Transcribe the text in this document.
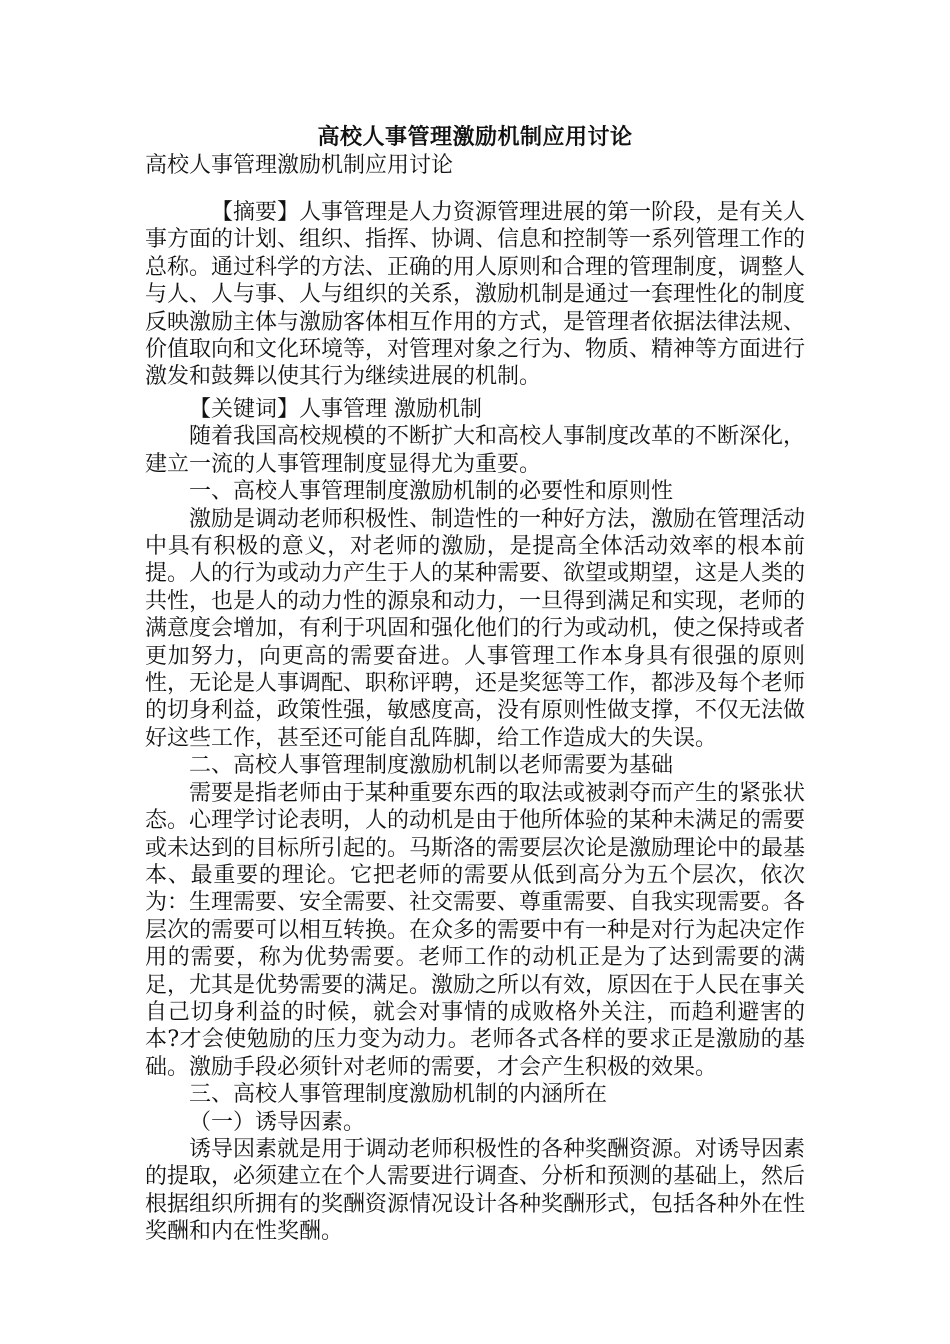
高校人事管理激励机制应用讨论
高校人事管理激励机制应用讨论

【摘要】人事管理是人力资源管理进展的第一阶段，是有关人事方面的计划、组织、指挥、协调、信息和控制等一系列管理工作的总称。通过科学的方法、正确的用人原则和合理的管理制度，调整人与人、人与事、人与组织的关系，激励机制是通过一套理性化的制度反映激励主体与激励客体相互作用的方式，是管理者依据法律法规、价值取向和文化环境等，对管理对象之行为、物质、精神等方面进行激发和鼓舞以使其行为继续进展的机制。

【关键词】人事管理 激励机制

随着我国高校规模的不断扩大和高校人事制度改革的不断深化，建立一流的人事管理制度显得尤为重要。

一、高校人事管理制度激励机制的必要性和原则性

激励是调动老师积极性、制造性的一种好方法，激励在管理活动中具有积极的意义，对老师的激励，是提高全体活动效率的根本前提。人的行为或动力产生于人的某种需要、欲望或期望，这是人类的共性，也是人的动力性的源泉和动力，一旦得到满足和实现，老师的满意度会增加，有利于巩固和强化他们的行为或动机，使之保持或者更加努力，向更高的需要奋进。人事管理工作本身具有很强的原则性，无论是人事调配、职称评聘，还是奖惩等工作，都涉及每个老师的切身利益，政策性强，敏感度高，没有原则性做支撑，不仅无法做好这些工作，甚至还可能自乱阵脚，给工作造成大的失误。

二、高校人事管理制度激励机制以老师需要为基础

需要是指老师由于某种重要东西的取法或被剥夺而产生的紧张状态。心理学讨论表明，人的动机是由于他所体验的某种未满足的需要或未达到的目标所引起的。马斯洛的需要层次论是激励理论中的最基本、最重要的理论。它把老师的需要从低到高分为五个层次，依次为：生理需要、安全需要、社交需要、尊重需要、自我实现需要。各层次的需要可以相互转换。在众多的需要中有一种是对行为起决定作用的需要，称为优势需要。老师工作的动机正是为了达到需要的满足，尤其是优势需要的满足。激励之所以有效，原因在于人民在事关自己切身利益的时候，就会对事情的成败格外关注，而趋利避害的本?才会使勉励的压力变为动力。老师各式各样的要求正是激励的基础。激励手段必须针对老师的需要，才会产生积极的效果。

三、高校人事管理制度激励机制的内涵所在

（一）诱导因素。

诱导因素就是用于调动老师积极性的各种奖酬资源。对诱导因素的提取，必须建立在个人需要进行调查、分析和预测的基础上，然后根据组织所拥有的奖酬资源情况设计各种奖酬形式，包括各种外在性奖酬和内在性奖酬。
